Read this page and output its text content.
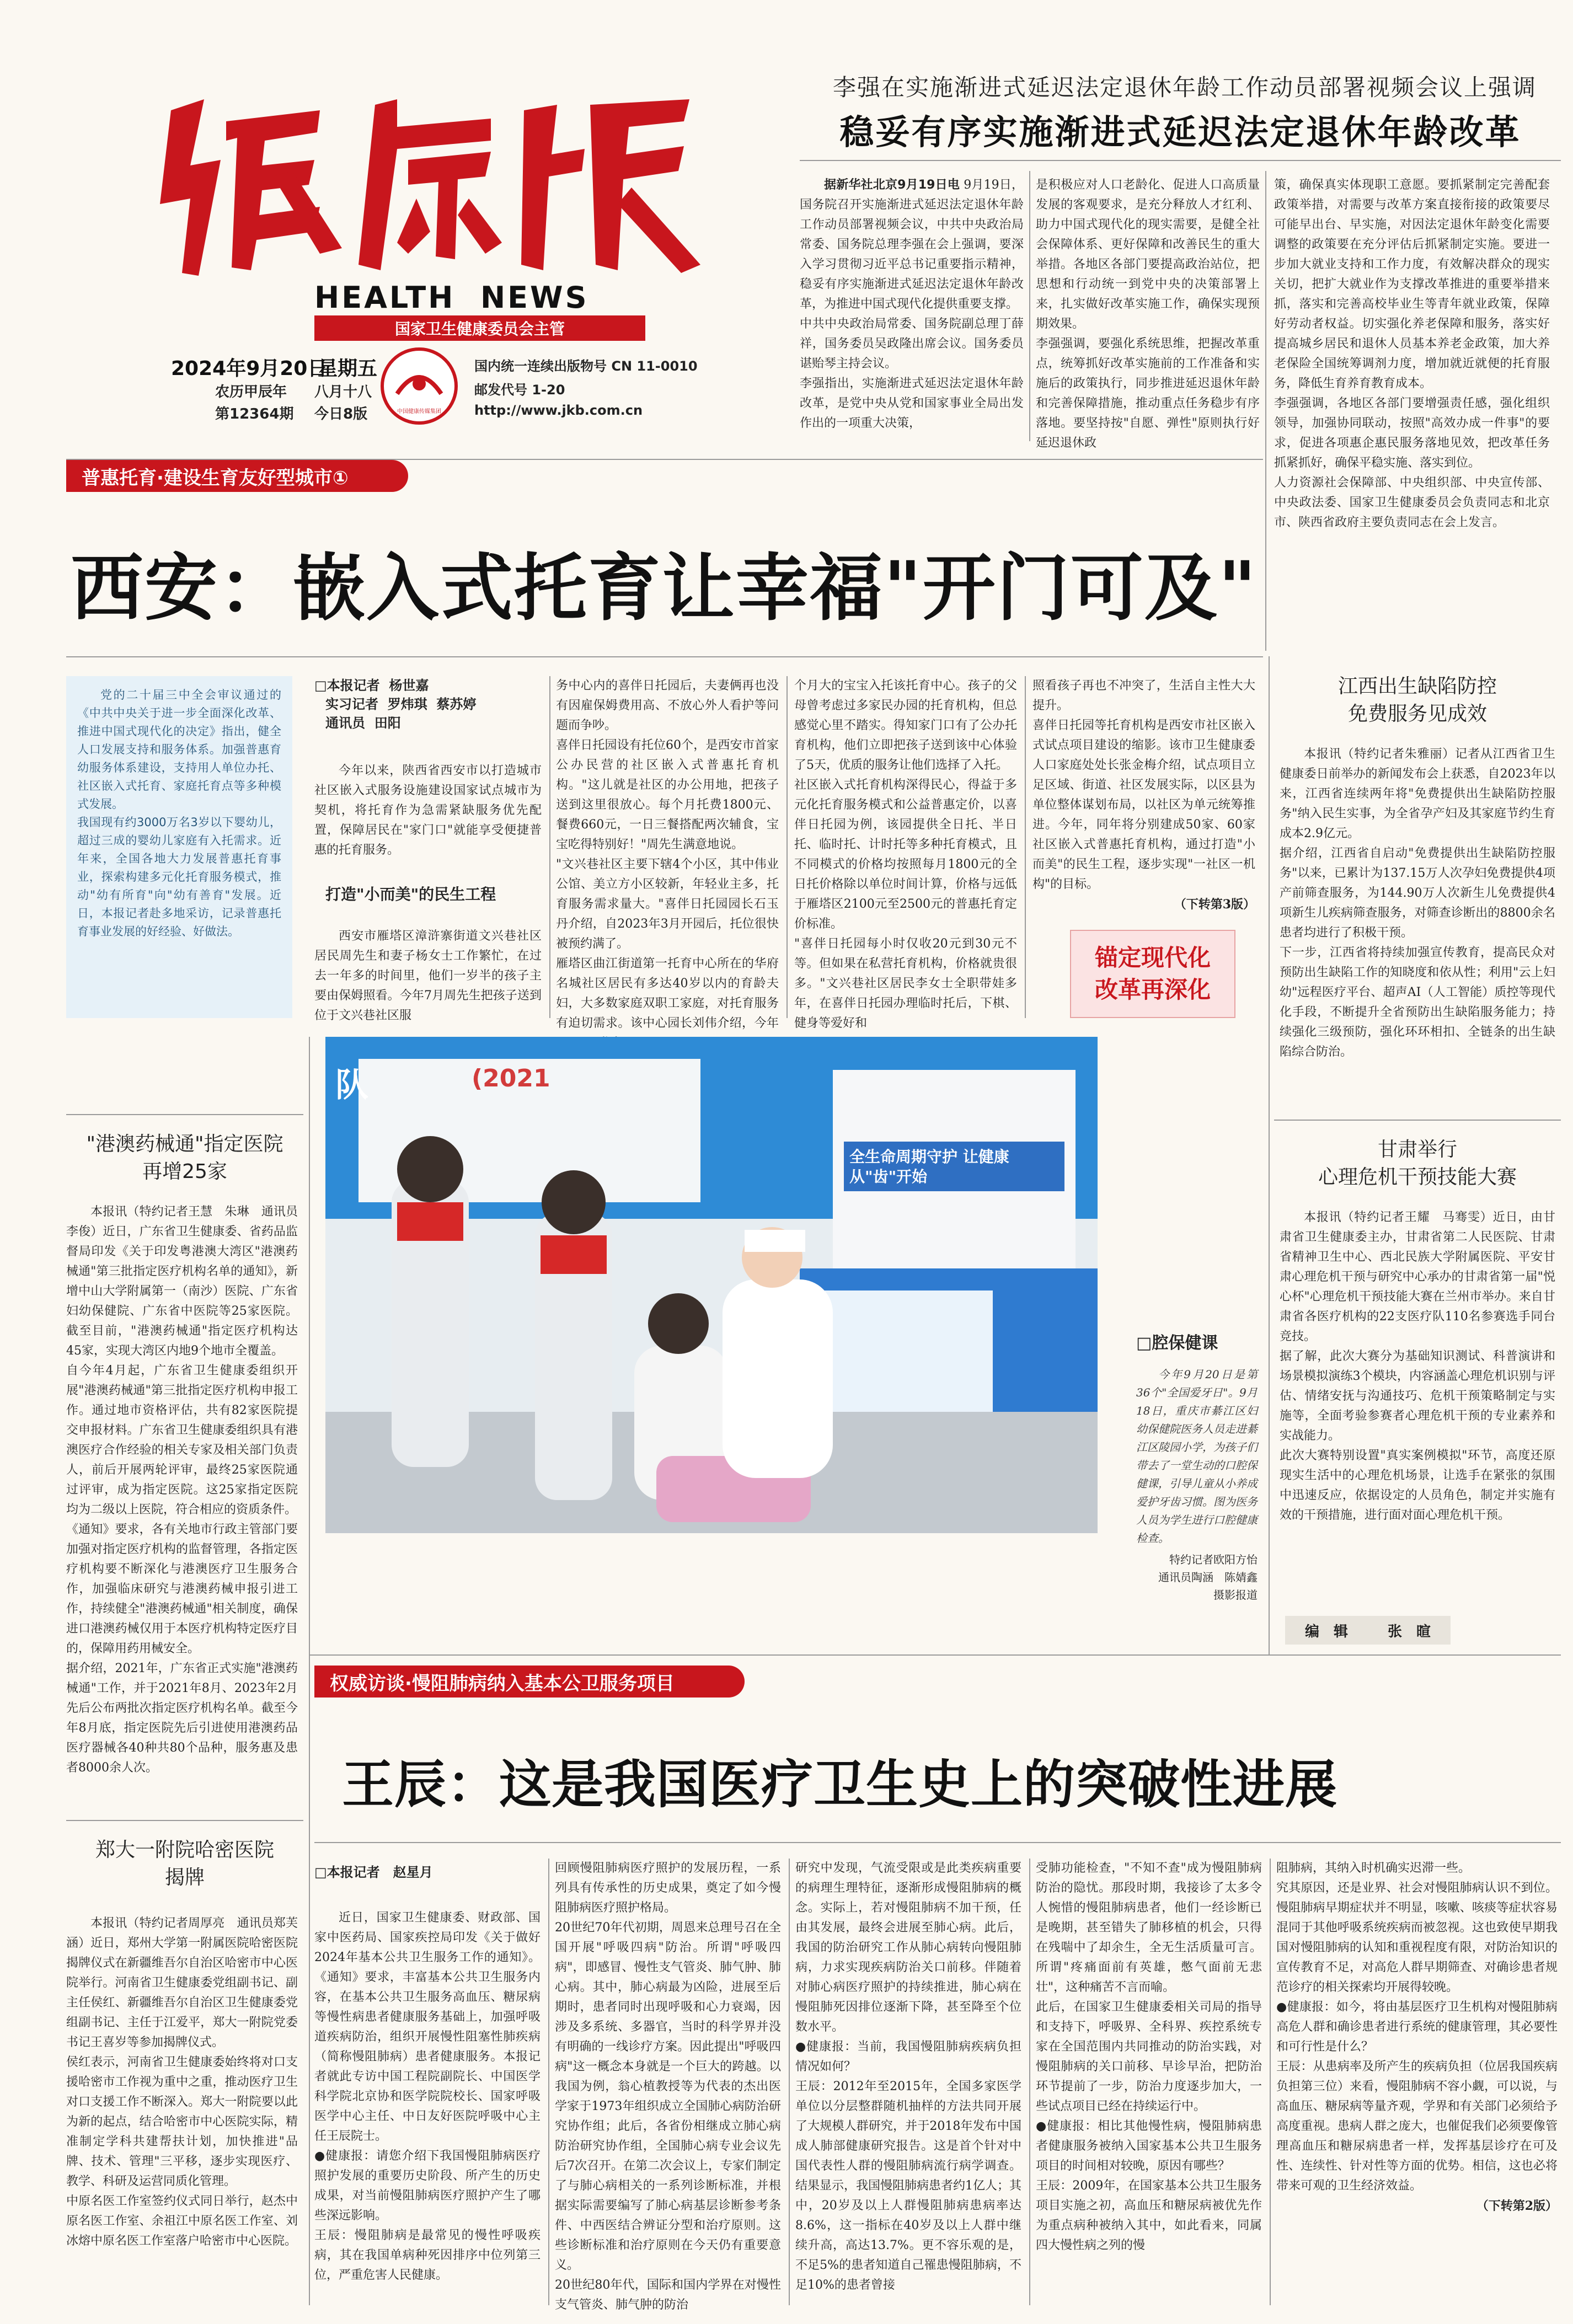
HEALTH  NEWS
国家卫生健康委员会主管
2024年9月20日
星期五
农历甲辰年 八月十八
第12364期 今日8版	中国健康传媒集团
国内统一连续出版物号 CN 11-0010
邮发代号 1-20
http://www.jkb.com.cn
李强在实施渐进式延迟法定退休年龄工作动员部署视频会议上强调
稳妥有序实施渐进式延迟法定退休年龄改革

据新华社北京9月19日电 9月19日，国务院召开实施渐进式延迟法定退休年龄工作动员部署视频会议，中共中央政治局常委、国务院总理李强在会上强调，要深入学习贯彻习近平总书记重要指示精神，稳妥有序实施渐进式延迟法定退休年龄改革，为推进中国式现代化提供重要支撑。
中共中央政治局常委、国务院副总理丁薛祥，国务委员吴政隆出席会议。国务委员谌贻琴主持会议。
李强指出，实施渐进式延迟法定退休年龄改革，是党中央从党和国家事业全局出发作出的一项重大决策，

是积极应对人口老龄化、促进人口高质量发展的客观要求，是充分释放人才红利、助力中国式现代化的现实需要，是健全社会保障体系、更好保障和改善民生的重大举措。各地区各部门要提高政治站位，把思想和行动统一到党中央的决策部署上来，扎实做好改革实施工作，确保实现预期效果。
李强强调，要强化系统思维，把握改革重点，统筹抓好改革实施前的工作准备和实施后的政策执行，同步推进延迟退休年龄和完善保障措施，推动重点任务稳步有序落地。要坚持按"自愿、弹性"原则执行好延迟退休政

策，确保真实体现职工意愿。要抓紧制定完善配套政策举措，对需要与改革方案直接衔接的政策要尽可能早出台、早实施，对因法定退休年龄变化需要调整的政策要在充分评估后抓紧制定实施。要进一步加大就业支持和工作力度，有效解决群众的现实关切，把扩大就业作为支撑改革推进的重要举措来抓，落实和完善高校毕业生等青年就业政策，保障好劳动者权益。切实强化养老保障和服务，落实好提高城乡居民和退休人员基本养老金政策，加大养老保险全国统筹调剂力度，增加就近就便的托育服务，降低生育养育教育成本。
李强强调，各地区各部门要增强责任感，强化组织领导，加强协同联动，按照"高效办成一件事"的要求，促进各项惠企惠民服务落地见效，把改革任务抓紧抓好，确保平稳实施、落实到位。
人力资源社会保障部、中央组织部、中央宣传部、中央政法委、国家卫生健康委员会负责同志和北京市、陕西省政府主要负责同志在会上发言。

普惠托育·建设生育友好型城市①
西安：嵌入式托育让幸福"开门可及"

党的二十届三中全会审议通过的《中共中央关于进一步全面深化改革、推进中国式现代化的决定》指出，健全人口发展支持和服务体系。加强普惠育幼服务体系建设，支持用人单位办托、社区嵌入式托育、家庭托育点等多种模式发展。
我国现有约3000万名3岁以下婴幼儿，超过三成的婴幼儿家庭有入托需求。近年来，全国各地大力发展普惠托育事业，探索构建多元化托育服务模式，推动"幼有所育"向"幼有善育"发展。近日，本报记者赴多地采访，记录普惠托育事业发展的好经验、好做法。

□本报记者  杨世嘉
实习记者  罗炜琪  蔡苏婷
通讯员  田阳

今年以来，陕西省西安市以打造城市社区嵌入式服务设施建设国家试点城市为契机，将托育作为急需紧缺服务优先配置，保障居民在"家门口"就能享受便捷普惠的托育服务。

打造"小而美"的民生工程

西安市雁塔区漳浒寨街道文兴巷社区居民周先生和妻子杨女士工作繁忙，在过去一年多的时间里，他们一岁半的孩子主要由保姆照看。今年7月周先生把孩子送到位于文兴巷社区服

务中心内的喜伴日托园后，夫妻俩再也没有因雇保姆费用高、不放心外人看护等问题而争吵。
喜伴日托园设有托位60个，是西安市首家公办民营的社区嵌入式普惠托育机构。"这儿就是社区的办公用地，把孩子送到这里很放心。每个月托费1800元、餐费660元，一日三餐搭配两次辅食，宝宝吃得特别好！"周先生满意地说。
"文兴巷社区主要下辖4个小区，其中伟业公馆、美立方小区较新，年轻业主多，托育服务需求量大。"喜伴日托园园长石玉丹介绍，自2023年3月开园后，托位很快被预约满了。
雁塔区曲江街道第一托育中心所在的华府名城社区居民有多达40岁以内的育龄夫妇，大多数家庭双职工家庭，对托育服务有迫切需求。该中心园长刘伟介绍，今年

个月大的宝宝入托该托育中心。孩子的父母曾考虑过多家民办园的托育机构，但总感觉心里不踏实。得知家门口有了公办托育机构，他们立即把孩子送到该中心体验了5天，优质的服务让他们选择了入托。
社区嵌入式托育机构深得民心，得益于多元化托育服务模式和公益普惠定价，以喜伴日托园为例，该园提供全日托、半日托、临时托、计时托等多种托育模式，且不同模式的价格均按照每月1800元的全日托价格除以单位时间计算，价格与远低于雁塔区2100元至2500元的普惠托育定价标准。
"喜伴日托园每小时仅收20元到30元不等。但如果在私营托育机构，价格就贵很多。"文兴巷社区居民李女士全职带娃多年，在喜伴日托园办理临时托后，下棋、健身等爱好和

照看孩子再也不冲突了，生活自主性大大提升。
喜伴日托园等托育机构是西安市社区嵌入式试点项目建设的缩影。该市卫生健康委人口家庭处处长张金梅介绍，试点项目立足区域、街道、社区发展实际，以区县为单位整体谋划布局，以社区为单元统筹推进。今年，同年将分别建成50家、60家社区嵌入式普惠托育机构，通过打造"小而美"的民生工程，逐步实现"一社区一机构"的目标。

（下转第3版）
锚定现代化
改革再深化
江西出生缺陷防控
免费服务见成效

本报讯（特约记者朱雅丽）记者从江西省卫生健康委日前举办的新闻发布会上获悉，自2023年以来，江西省连续两年将"免费提供出生缺陷防控服务"纳入民生实事，为全省孕产妇及其家庭节约生育成本2.9亿元。
据介绍，江西省自启动"免费提供出生缺陷防控服务"以来，已累计为137.15万人次孕妇免费提供4项产前筛查服务，为144.90万人次新生儿免费提供4项新生儿疾病筛查服务，对筛查诊断出的8800余名患者均进行了积极干预。
下一步，江西省将持续加强宣传教育，提高民众对预防出生缺陷工作的知晓度和依从性；利用"云上妇幼"远程医疗平台、超声AI（人工智能）质控等现代化手段，不断提升全省预防出生缺陷服务能力；持续强化三级预防，强化环环相扣、全链条的出生缺陷综合防治。

甘肃举行
心理危机干预技能大赛

本报讯（特约记者王耀　马骞雯）近日，由甘肃省卫生健康委主办，甘肃省第二人民医院、甘肃省精神卫生中心、西北民族大学附属医院、平安甘肃心理危机干预与研究中心承办的甘肃省第一届"悦心杯"心理危机干预技能大赛在兰州市举办。来自甘肃省各医疗机构的22支医疗队110名参赛选手同台竞技。
据了解，此次大赛分为基础知识测试、科普演讲和场景模拟演练3个模块，内容涵盖心理危机识别与评估、情绪安抚与沟通技巧、危机干预策略制定与实施等，全面考验参赛者心理危机干预的专业素养和实战能力。
此次大赛特别设置"真实案例模拟"环节，高度还原现实生活中的心理危机场景，让选手在紧张的氛围中迅速反应，依据设定的人员角色，制定并实施有效的干预措施，进行面对面心理危机干预。

编　辑	张　暄
"港澳药械通"指定医院
再增25家

本报讯（特约记者王慧　朱琳　通讯员李俊）近日，广东省卫生健康委、省药品监督局印发《关于印发粤港澳大湾区"港澳药械通"第三批指定医疗机构名单的通知》，新增中山大学附属第一（南沙）医院、广东省妇幼保健院、广东省中医院等25家医院。截至目前，"港澳药械通"指定医疗机构达45家，实现大湾区内地9个地市全覆盖。
自今年4月起，广东省卫生健康委组织开展"港澳药械通"第三批指定医疗机构申报工作。通过地市资格评估，共有82家医院提交申报材料。广东省卫生健康委组织具有港澳医疗合作经验的相关专家及相关部门负责人，前后开展两轮评审，最终25家医院通过评审，成为指定医院。这25家指定医院均为二级以上医院，符合相应的资质条件。
《通知》要求，各有关地市行政主管部门要加强对指定医疗机构的监督管理，各指定医疗机构要不断深化与港澳医疗卫生服务合作，加强临床研究与港澳药械申报引进工作，持续健全"港澳药械通"相关制度，确保进口港澳药械仅用于本医疗机构特定医疗目的，保障用药用械安全。
据介绍，2021年，广东省正式实施"港澳药械通"工作，并于2021年8月、2023年2月先后公布两批次指定医疗机构名单。截至今年8月底，指定医院先后引进使用港澳药品医疗器械各40种共80个品种，服务惠及患者8000余人次。

郑大一附院哈密医院
揭牌

本报讯（特约记者周厚亮　通讯员郑芙涵）近日，郑州大学第一附属医院哈密医院揭牌仪式在新疆维吾尔自治区哈密市中心医院举行。河南省卫生健康委党组副书记、副主任侯红、新疆维吾尔自治区卫生健康委党组副书记、主任于江爱平，郑大一附院党委书记王喜岁等参加揭牌仪式。
侯红表示，河南省卫生健康委始终将对口支援哈密市工作视为重中之重，推动医疗卫生对口支援工作不断深入。郑大一附院要以此为新的起点，结合哈密市中心医院实际，精准制定学科共建帮扶计划，加快推进"品牌、技术、管理"三平移，逐步实现医疗、教学、科研及运营同质化管理。
中原名医工作室签约仪式同日举行，赵杰中原名医工作室、余祖江中原名医工作室、刘冰熔中原名医工作室落户哈密市中心医院。

(2021
队
全生命周期守护 让健康从"齿"开始
□腔保健课
今年9月20日是第36个"全国爱牙日"。9月18日，重庆市綦江区妇幼保健院医务人员走进綦江区陵园小学，为孩子们带去了一堂生动的口腔保健课，引导儿童从小养成爱护牙齿习惯。图为医务人员为学生进行口腔健康检查。
特约记者欧阳方怡
通讯员陶涵　陈婧鑫
摄影报道
权威访谈·慢阻肺病纳入基本公卫服务项目
王辰：这是我国医疗卫生史上的突破性进展
□本报记者　赵星月

近日，国家卫生健康委、财政部、国家中医药局、国家疾控局印发《关于做好2024年基本公共卫生服务工作的通知》。《通知》要求，丰富基本公共卫生服务内容，在基本公共卫生服务高血压、糖尿病等慢性病患者健康服务基础上，加强呼吸道疾病防治，组织开展慢性阻塞性肺疾病（简称慢阻肺病）患者健康服务。本报记者就此专访中国工程院副院长、中国医学科学院北京协和医学院院校长、国家呼吸医学中心主任、中日友好医院呼吸中心主任王辰院士。
●健康报：请您介绍下我国慢阻肺病医疗照护发展的重要历史阶段、所产生的历史成果，对当前慢阻肺病医疗照护产生了哪些深远影响。
王辰：慢阻肺病是最常见的慢性呼吸疾病，其在我国单病种死因排序中位列第三位，严重危害人民健康。

回顾慢阻肺病医疗照护的发展历程，一系列具有传承性的历史成果，奠定了如今慢阻肺病医疗照护格局。
20世纪70年代初期，周恩来总理号召在全国开展"呼吸四病"防治。所谓"呼吸四病"，即感冒、慢性支气管炎、肺气肿、肺心病。其中，肺心病最为凶险，进展至后期时，患者同时出现呼吸和心力衰竭，因涉及多系统、多器官，当时的科学界并没有明确的一线诊疗方案。因此提出"呼吸四病"这一概念本身就是一个巨大的跨越。以我国为例，翁心植教授等为代表的杰出医学家于1973年组织成立全国肺心病防治研究协作组；此后，各省份相继成立肺心病防治研究协作组，全国肺心病专业会议先后7次召开。在第二次会议上，专家们制定了与肺心病相关的一系列诊断标准，并根据实际需要编写了肺心病基层诊断参考条件、中西医结合辨证分型和治疗原则。这些诊断标准和治疗原则在今天仍有重要意义。
20世纪80年代，国际和国内学界在对慢性支气管炎、肺气肿的防治

研究中发现，气流受限或是此类疾病重要的病理生理特征，逐渐形成慢阻肺病的概念。实际上，若对慢阻肺病不加干预，任由其发展，最终会进展至肺心病。此后，我国的防治研究工作从肺心病转向慢阻肺病，力求实现疾病防治关口前移。伴随着对肺心病医疗照护的持续推进，肺心病在慢阻肺死因排位逐渐下降，甚至降至个位数水平。
●健康报：当前，我国慢阻肺病疾病负担情况如何？
王辰：2012年至2015年，全国多家医学单位以分层整群随机抽样的方法共同开展了大规模人群研究，并于2018年发布中国成人肺部健康研究报告。这是首个针对中国代表性人群的慢阻肺病流行病学调查。结果显示，我国慢阻肺病患者约1亿人；其中，20岁及以上人群慢阻肺病患病率达8.6%，这一指标在40岁及以上人群中继续升高，高达13.7%。更不容乐观的是，不足5%的患者知道自己罹患慢阻肺病，不足10%的患者曾接

受肺功能检查，"不知不查"成为慢阻肺病防治的隐忧。那段时期，我接诊了太多令人惋惜的慢阻肺病患者，他们一经诊断已是晚期，甚至错失了肺移植的机会，只得在残喘中了却余生，全无生活质量可言。所谓"疼痛面前有英雄，憋气面前无悲壮"，这种痛苦不言而喻。
此后，在国家卫生健康委相关司局的指导和支持下，呼吸界、全科界、疾控系统专家在全国范围内共同推动的防治实践，对慢阻肺病的关口前移、早诊早治，把防治环节提前了一步，防治力度逐步加大，一些试点项目已经在持续运行中。
●健康报：相比其他慢性病，慢阻肺病患者健康服务被纳入国家基本公共卫生服务项目的时间相对较晚，原因有哪些？
王辰：2009年，在国家基本公共卫生服务项目实施之初，高血压和糖尿病被优先作为重点病种被纳入其中，如此看来，同属四大慢性病之列的慢

阻肺病，其纳入时机确实迟滞一些。
究其原因，还是业界、社会对慢阻肺病认识不到位。慢阻肺病早期症状并不明显，咳嗽、咳痰等症状容易混同于其他呼吸系统疾病而被忽视。这也致使早期我国对慢阻肺病的认知和重视程度有限，对防治知识的宣传教育不足，对高危人群早期筛查、对确诊患者规范诊疗的相关探索均开展得较晚。
●健康报：如今，将由基层医疗卫生机构对慢阻肺病高危人群和确诊患者进行系统的健康管理，其必要性和可行性是什么？
王辰：从患病率及所产生的疾病负担（位居我国疾病负担第三位）来看，慢阻肺病不容小觑，可以说，与高血压、糖尿病等量齐观，学界和有关部门必须给予高度重视。患病人群之庞大，也催促我们必须要像管理高血压和糖尿病患者一样，发挥基层诊疗在可及性、连续性、针对性等方面的优势。相信，这也必将带来可观的卫生经济效益。

（下转第2版）
